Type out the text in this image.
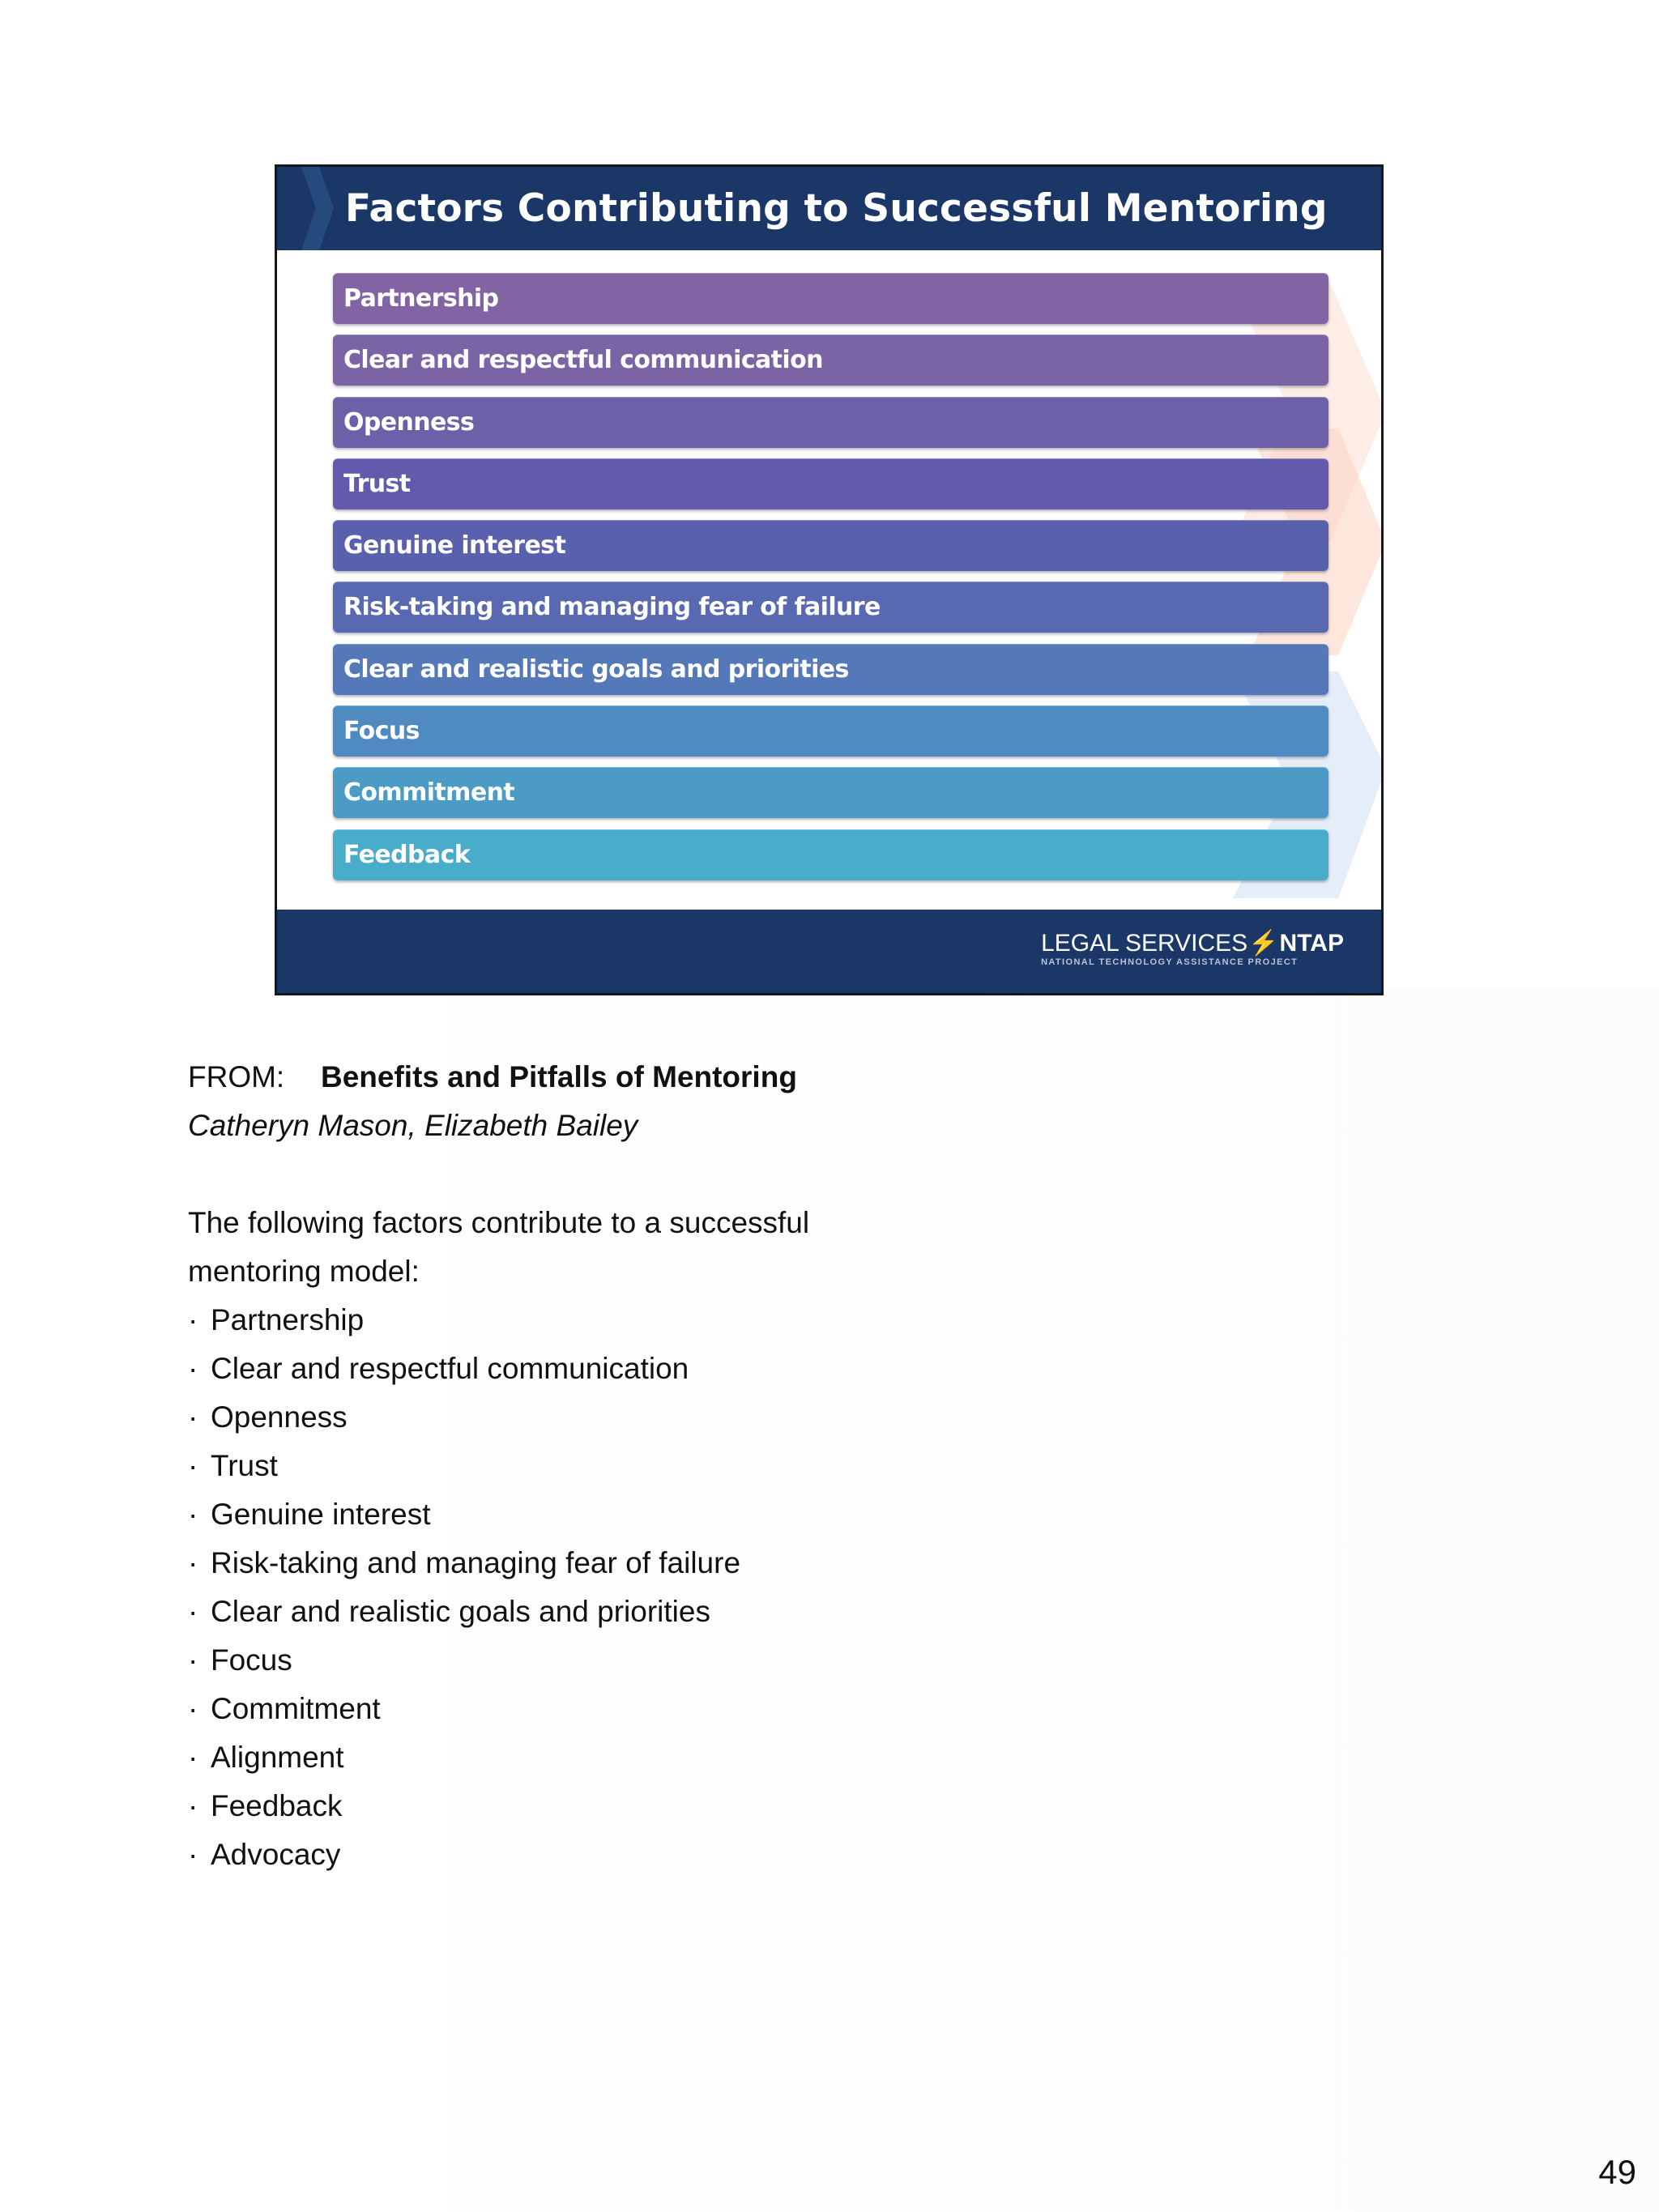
Factors Contributing to Successful Mentoring
Partnership
Clear and respectful communication
Openness
Trust
Genuine interest
Risk-taking and managing fear of failure
Clear and realistic goals and priorities
Focus
Commitment
Feedback
LEGAL SERVICES⚡NTAP
NATIONAL TECHNOLOGY ASSISTANCE PROJECT
FROM: Benefits and Pitfalls of Mentoring
Catheryn Mason, Elizabeth Bailey
The following factors contribute to a successful
mentoring model:
· Partnership
· Clear and respectful communication
· Openness
· Trust
· Genuine interest
· Risk-taking and managing fear of failure
· Clear and realistic goals and priorities
· Focus
· Commitment
· Alignment
· Feedback
· Advocacy
49
